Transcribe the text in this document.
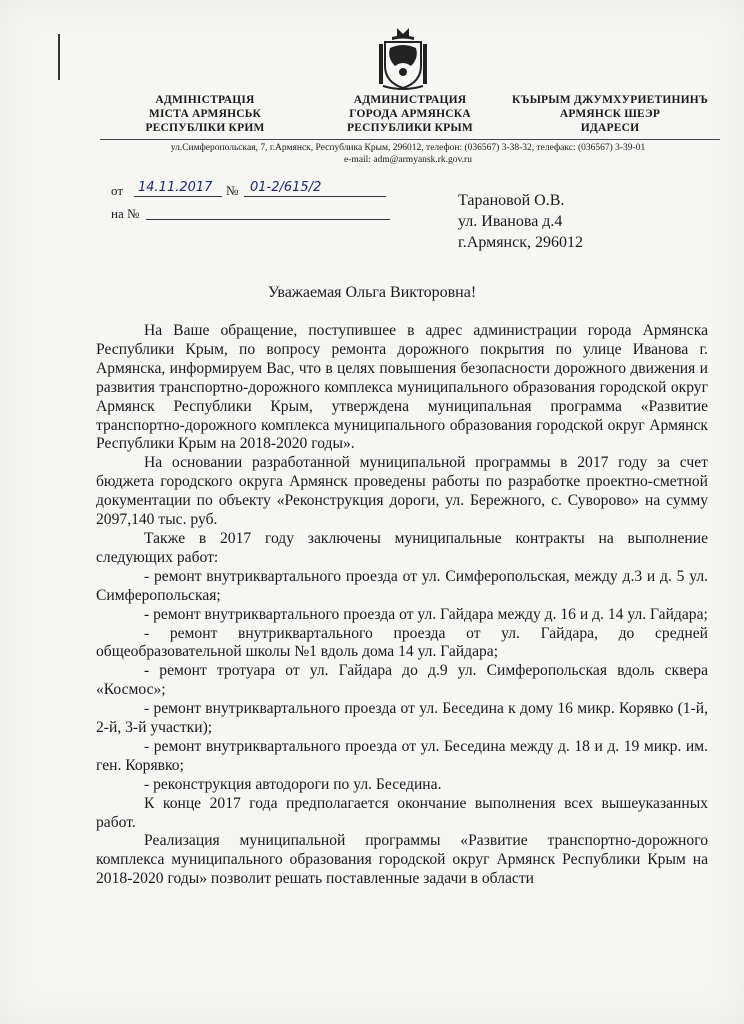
АДМІНІСТРАЦІЯ
МІСТА АРМЯНСЬК
РЕСПУБЛІКИ КРИМ
АДМИНИСТРАЦИЯ
ГОРОДА АРМЯНСКА
РЕСПУБЛИКИ КРЫМ
КЪЫРЫМ ДЖУМХУРИЕТИНИНЪ
АРМЯНСК ШЕЭР
ИДАРЕСИ
ул.Симферопольская, 7, г.Армянск, Республика Крым, 296012, телефон: (036567) 3-38-32, телефакс: (036567) 3-39-01
e-mail: adm@armyansk.rk.gov.ru
от 14.11.2017 № 01-2/615/2
на №
Тарановой О.В.
ул. Иванова д.4
г.Армянск, 296012
Уважаемая Ольга Викторовна!

На Ваше обращение, поступившее в адрес администрации города Армянска Республики Крым, по вопросу ремонта дорожного покрытия по улице Иванова г. Армянска, информируем Вас, что в целях повышения безопасности дорожного движения и развития транспортно-дорожного комплекса муниципального образования городской округ Армянск Республики Крым, утверждена муниципальная программа «Развитие транспортно-дорожного комплекса муниципального образования городской округ Армянск Республики Крым на 2018-2020 годы».

На основании разработанной муниципальной программы в 2017 году за счет бюджета городского округа Армянск проведены работы по разработке проектно-сметной документации по объекту «Реконструкция дороги, ул. Бережного, с. Суворово» на сумму 2097,140 тыс. руб.

Также в 2017 году заключены муниципальные контракты на выполнение следующих работ:

- ремонт внутриквартального проезда от ул. Симферопольская, между д.3 и д. 5 ул. Симферопольская;

- ремонт внутриквартального проезда от ул. Гайдара между д. 16 и д. 14 ул. Гайдара;

- ремонт внутриквартального проезда от ул. Гайдара, до средней общеобразовательной школы №1 вдоль дома 14 ул. Гайдара;

- ремонт тротуара от ул. Гайдара до д.9 ул. Симферопольская вдоль сквера «Космос»;

- ремонт внутриквартального проезда от ул. Беседина к дому 16 микр. Корявко (1-й, 2-й, 3-й участки);

- ремонт внутриквартального проезда от ул. Беседина между д. 18 и д. 19 микр. им. ген. Корявко;

- реконструкция автодороги по ул. Беседина.

К конце 2017 года предполагается окончание выполнения всех вышеуказанных работ.

Реализация муниципальной программы «Развитие транспортно-дорожного комплекса муниципального образования городской округ Армянск Республики Крым на 2018-2020 годы» позволит решать поставленные задачи в области
